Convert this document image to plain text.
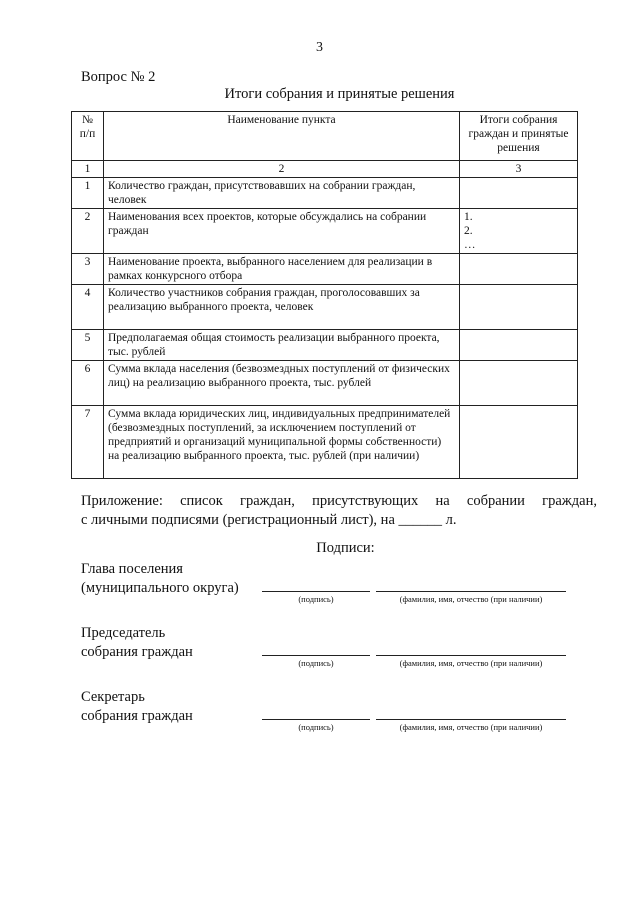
3
Вопрос № 2
Итоги собрания и принятые решения
№ п/п	Наименование пункта	Итоги собрания граждан и принятые решения
1	2	3
1	Количество граждан, присутствовавших на собрании граждан, человек	
2	Наименования всех проектов, которые обсуждались на собрании граждан	1.
2.
…

3	Наименование проекта, выбранного населением для реализации в рамках конкурсного отбора	
4	Количество участников собрания граждан, проголосовавших за реализацию выбранного проекта, человек	
5	Предполагаемая общая стоимость реализации выбранного проекта, тыс. рублей	
6	Сумма вклада населения (безвозмездных поступлений от физических лиц) на реализацию выбранного проекта, тыс. рублей	
7	Сумма вклада юридических лиц, индивидуальных предпринимателей (безвозмездных поступлений, за исключением поступлений от предприятий и организаций муниципальной формы собственности) на реализацию выбранного проекта, тыс. рублей (при наличии)	
Приложение: список граждан, присутствующих на собрании граждан,
с личными подписями (регистрационный лист), на ______ л.
Подписи:
Глава поселения
(муниципального округа)
(подпись)	(фамилия, имя, отчество (при наличии)
Председатель
собрания граждан
(подпись)	(фамилия, имя, отчество (при наличии)
Секретарь
собрания граждан
(подпись)	(фамилия, имя, отчество (при наличии)
